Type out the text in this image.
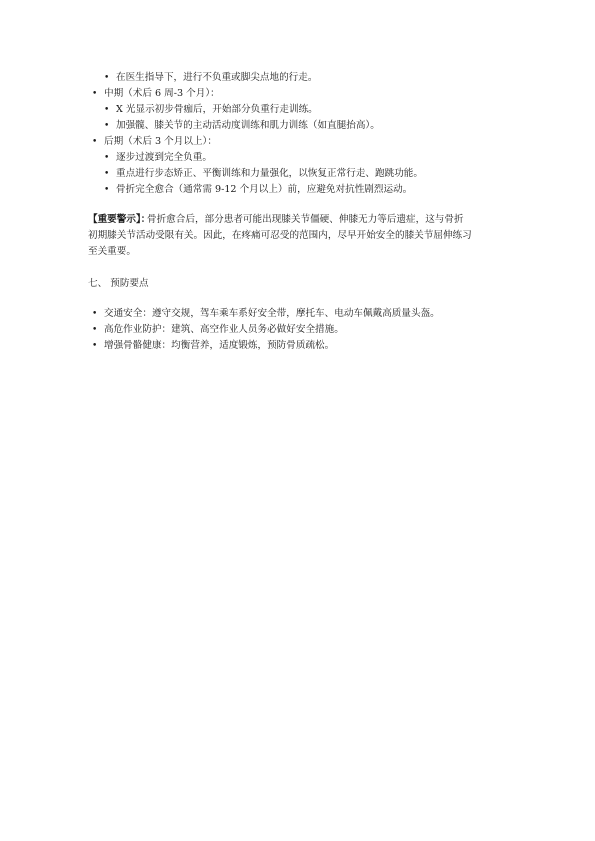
• 在医生指导下，进行不负重或脚尖点地的行走。
• 中期（术后 6 周-3 个月）：
• X 光显示初步骨痂后，开始部分负重行走训练。
• 加强髋、膝关节的主动活动度训练和肌力训练（如直腿抬高）。
• 后期（术后 3 个月以上）：
• 逐步过渡到完全负重。
• 重点进行步态矫正、平衡训练和力量强化，以恢复正常行走、跑跳功能。
• 骨折完全愈合（通常需 9-12 个月以上）前，应避免对抗性剧烈运动。
【重要警示】：
骨折愈合后，部分患者可能出现膝关节僵硬、伸膝无力等后遗症，这与骨折
初期膝关节活动受限有关。因此，在疼痛可忍受的范围内，尽早开始安全的膝关节屈伸练习
至关重要。
七、 预防要点
• 交通安全：遵守交规，驾车乘车系好安全带，摩托车、电动车佩戴高质量头盔。
• 高危作业防护：建筑、高空作业人员务必做好安全措施。
• 增强骨骼健康：均衡营养，适度锻炼，预防骨质疏松。
